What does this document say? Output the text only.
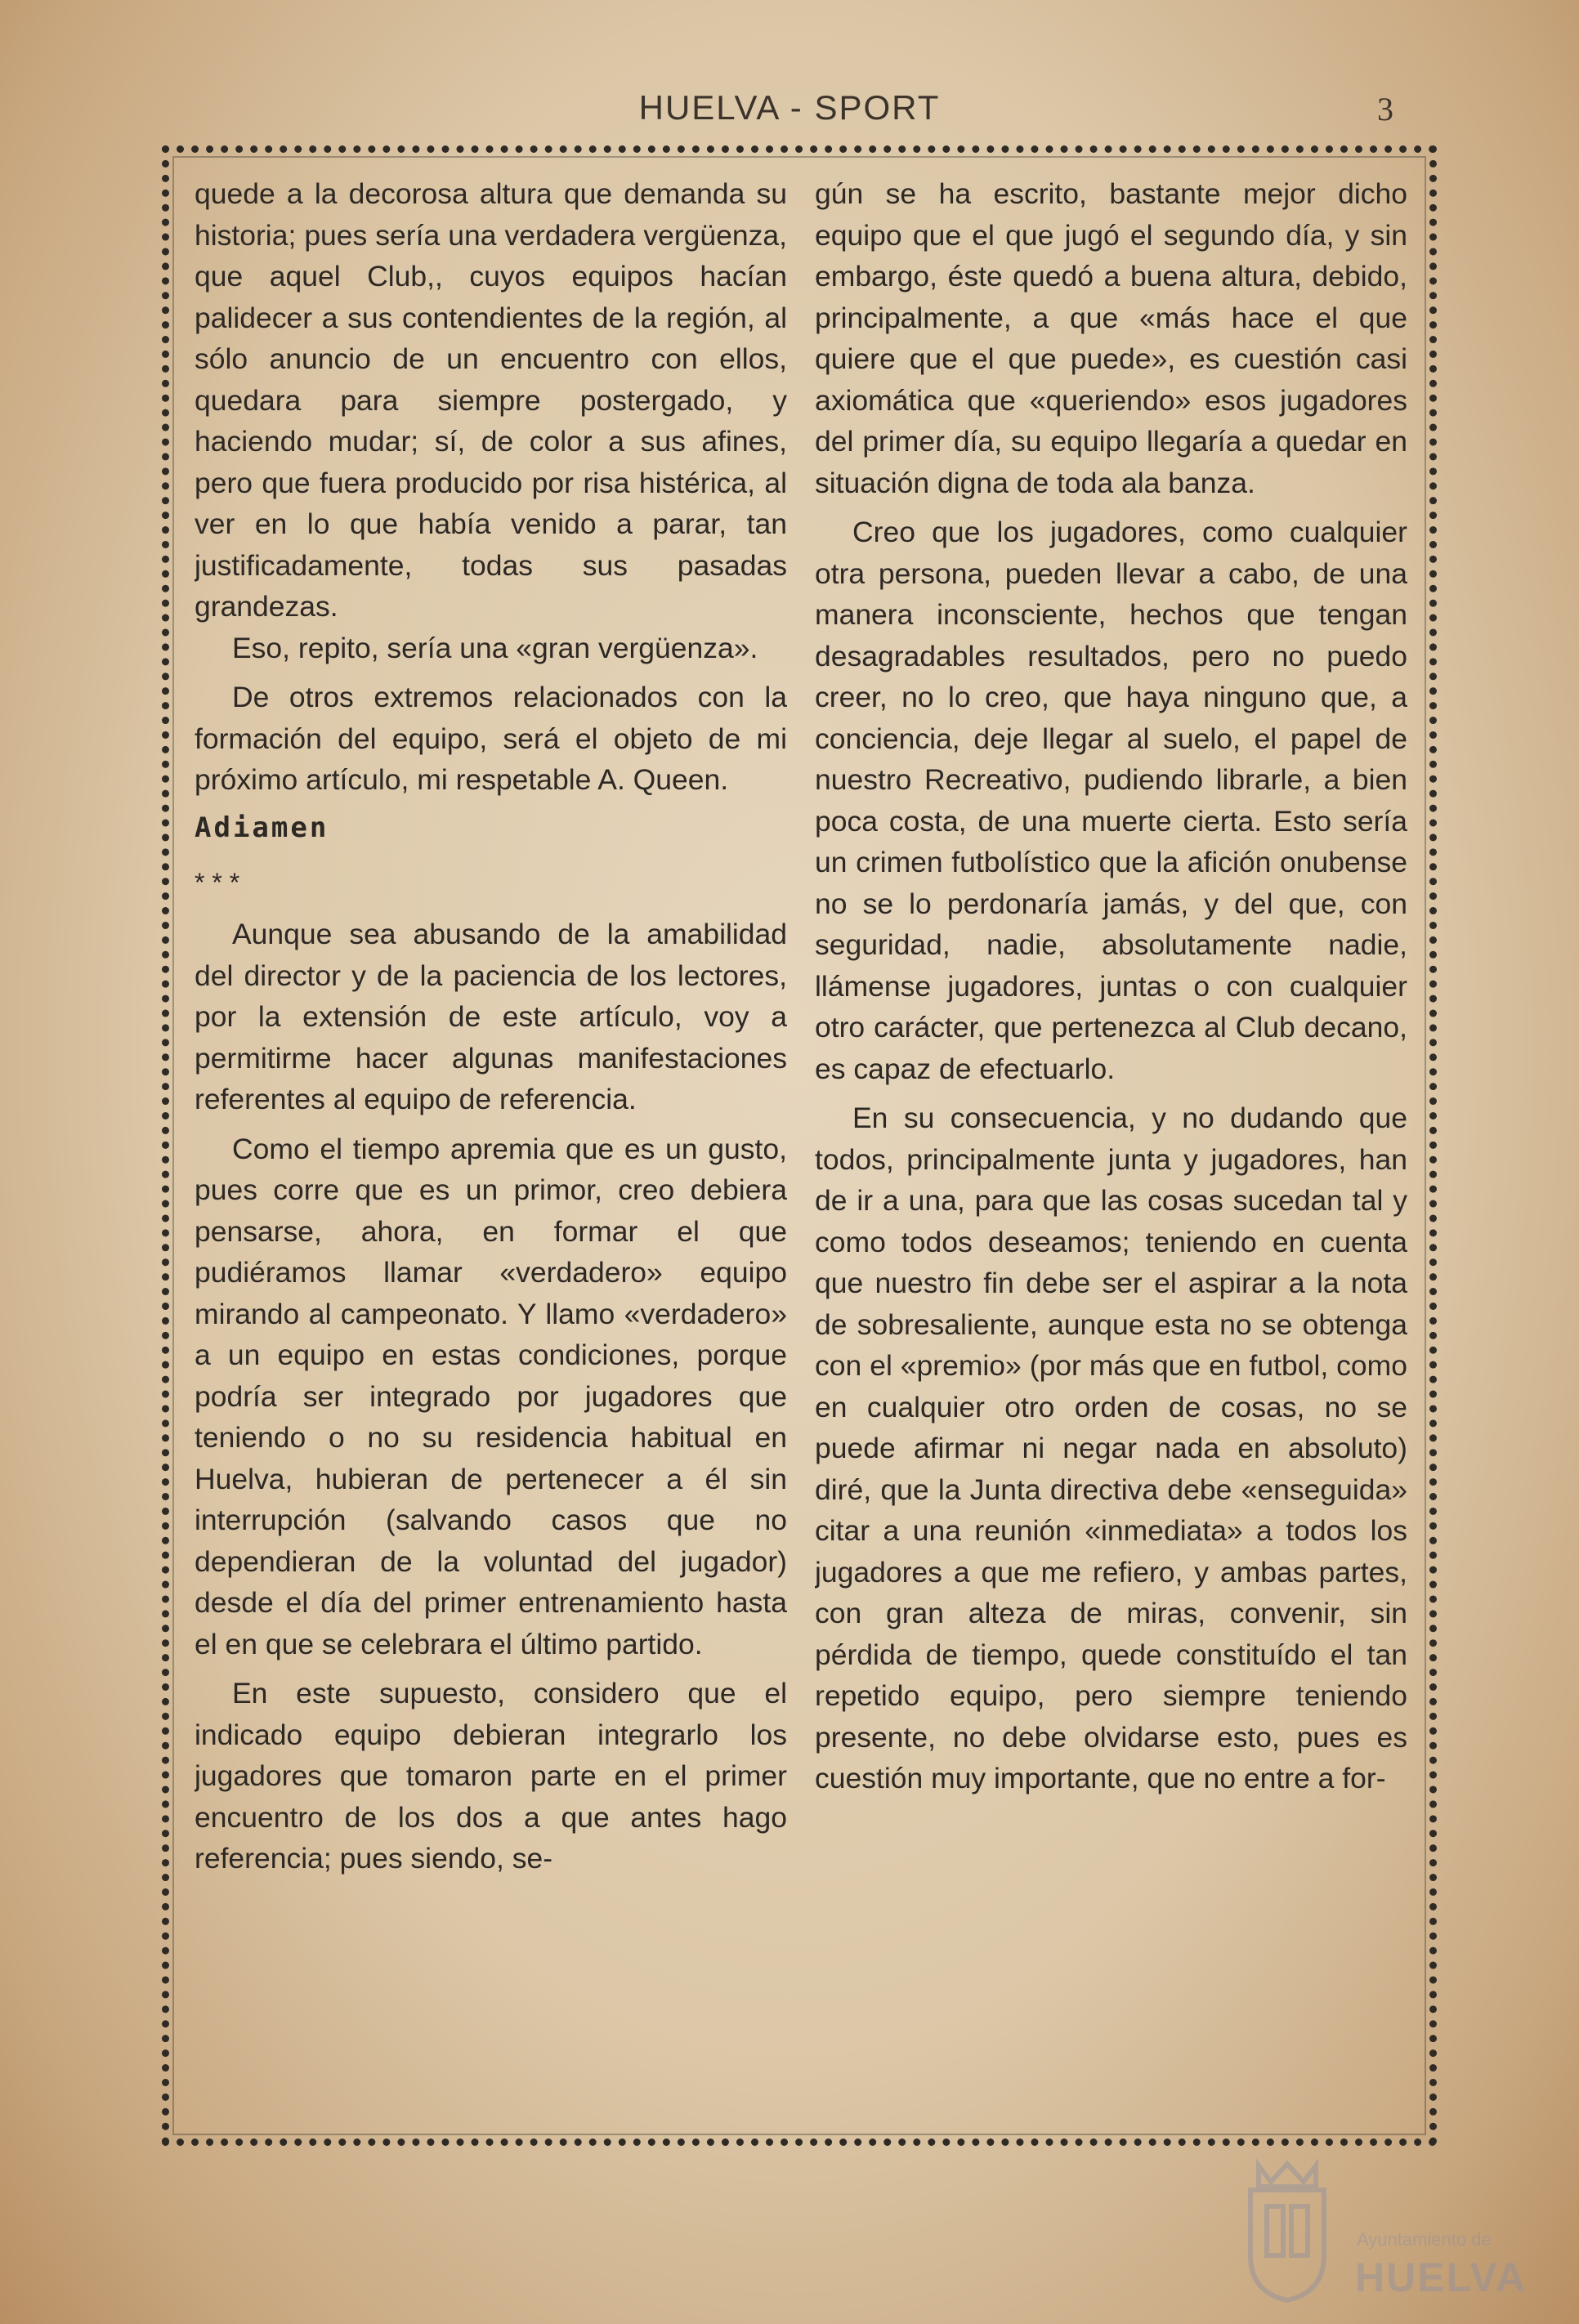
HUELVA - SPORT	3

quede a la decorosa altura que demanda su historia; pues sería una verdadera vergüenza, que aquel Club,, cuyos equipos hacían palidecer a sus contendientes de la región, al sólo anuncio de un encuentro con ellos, quedara para siempre postergado, y haciendo mudar; sí, de color a sus afines, pero que fuera producido por risa histérica, al ver en lo que había venido a parar, tan justificadamente, todas sus pasadas grandezas.

Eso, repito, sería una «gran vergüenza».

De otros extremos relacionados con la formación del equipo, será el objeto de mi próximo artículo, mi respetable A. Queen.

Adiamen

* * *

Aunque sea abusando de la amabilidad del director y de la paciencia de los lectores, por la extensión de este artículo, voy a permitirme hacer algunas manifestaciones referentes al equipo de referencia.

Como el tiempo apremia que es un gusto, pues corre que es un primor, creo debiera pensarse, ahora, en formar el que pudiéramos llamar «verdadero» equipo mirando al campeonato. Y llamo «verdadero» a un equipo en estas condiciones, porque podría ser integrado por jugadores que teniendo o no su residencia habitual en Huelva, hubieran de pertenecer a él sin interrupción (salvando casos que no dependieran de la voluntad del jugador) desde el día del primer entrenamiento hasta el en que se celebrara el último partido.

En este supuesto, considero que el indicado equipo debieran integrarlo los jugadores que tomaron parte en el primer encuentro de los dos a que antes hago referencia; pues siendo, se-

gún se ha escrito, bastante mejor dicho equipo que el que jugó el segundo día, y sin embargo, éste quedó a buena altura, debido, principalmente, a que «más hace el que quiere que el que puede», es cuestión casi axiomática que «queriendo» esos jugadores del primer día, su equipo llegaría a quedar en situación digna de toda ala banza.

Creo que los jugadores, como cualquier otra persona, pueden llevar a cabo, de una manera inconsciente, hechos que tengan desagradables resultados, pero no puedo creer, no lo creo, que haya ninguno que, a conciencia, deje llegar al suelo, el papel de nuestro Recreativo, pudiendo librarle, a bien poca costa, de una muerte cierta. Esto sería un crimen futbolístico que la afición onubense no se lo perdonaría jamás, y del que, con seguridad, nadie, absolutamente nadie, llámense jugadores, juntas o con cualquier otro carácter, que pertenezca al Club decano, es capaz de efectuarlo.

En su consecuencia, y no dudando que todos, principalmente junta y jugadores, han de ir a una, para que las cosas sucedan tal y como todos deseamos; teniendo en cuenta que nuestro fin debe ser el aspirar a la nota de sobresaliente, aunque esta no se obtenga con el «premio» (por más que en futbol, como en cualquier otro orden de cosas, no se puede afirmar ni negar nada en absoluto) diré, que la Junta directiva debe «enseguida» citar a una reunión «inmediata» a todos los jugadores a que me refiero, y ambas partes, con gran alteza de miras, convenir, sin pérdida de tiempo, quede constituído el tan repetido equipo, pero siempre teniendo presente, no debe olvidarse esto, pues es cuestión muy importante, que no entre a for-

Ayuntamiento de
HUELVA
